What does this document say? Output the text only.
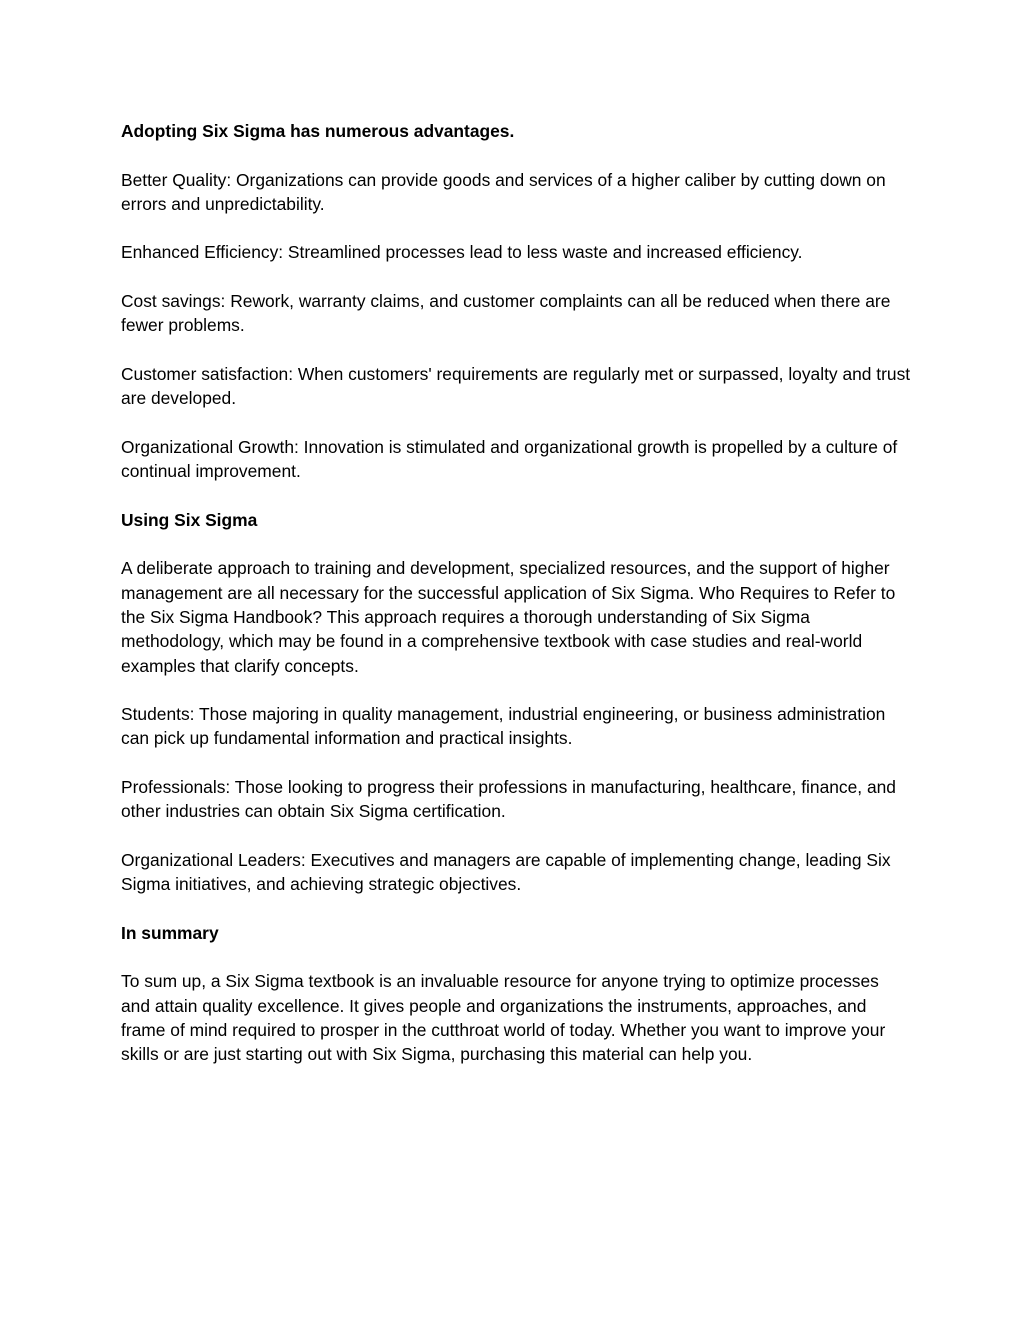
Adopting Six Sigma has numerous advantages.

Better Quality: Organizations can provide goods and services of a higher caliber by cutting down on errors and unpredictability.

Enhanced Efficiency: Streamlined processes lead to less waste and increased efficiency.

Cost savings: Rework, warranty claims, and customer complaints can all be reduced when there are fewer problems.

Customer satisfaction: When customers' requirements are regularly met or surpassed, loyalty and trust are developed.

Organizational Growth: Innovation is stimulated and organizational growth is propelled by a culture of continual improvement.

Using Six Sigma

A deliberate approach to training and development, specialized resources, and the support of higher management are all necessary for the successful application of Six Sigma. Who Requires to Refer to the Six Sigma Handbook? This approach requires a thorough understanding of Six Sigma methodology, which may be found in a comprehensive textbook with case studies and real-world examples that clarify concepts.

Students: Those majoring in quality management, industrial engineering, or business administration can pick up fundamental information and practical insights.

Professionals: Those looking to progress their professions in manufacturing, healthcare, finance, and other industries can obtain Six Sigma certification.

Organizational Leaders: Executives and managers are capable of implementing change, leading Six Sigma initiatives, and achieving strategic objectives.

In summary

To sum up, a Six Sigma textbook is an invaluable resource for anyone trying to optimize processes and attain quality excellence. It gives people and organizations the instruments, approaches, and frame of mind required to prosper in the cutthroat world of today. Whether you want to improve your skills or are just starting out with Six Sigma, purchasing this material can help you.
